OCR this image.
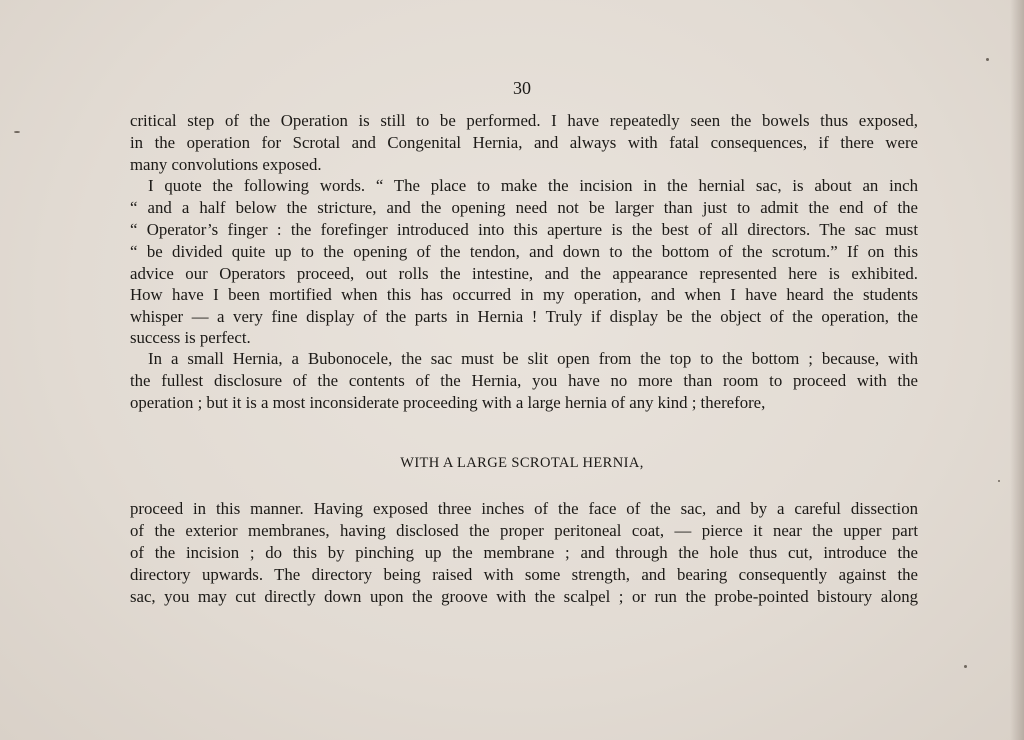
30
critical step of the Operation is still to be performed. I have repeatedly seen the bowels thus exposed,
in the operation for Scrotal and Congenital Hernia, and always with fatal consequences, if there were
many convolutions exposed.
I quote the following words. “ The place to make the incision in the hernial sac, is about an inch
“ and a half below the stricture, and the opening need not be larger than just to admit the end of the
“ Operator’s finger : the forefinger introduced into this aperture is the best of all directors. The sac must
“ be divided quite up to the opening of the tendon, and down to the bottom of the scrotum.” If on this
advice our Operators proceed, out rolls the intestine, and the appearance represented here is exhibited.
How have I been mortified when this has occurred in my operation, and when I have heard the students
whisper — a very fine display of the parts in Hernia ! Truly if display be the object of the operation, the
success is perfect.
In a small Hernia, a Bubonocele, the sac must be slit open from the top to the bottom ; because, with
the fullest disclosure of the contents of the Hernia, you have no more than room to proceed with the
operation ; but it is a most inconsiderate proceeding with a large hernia of any kind ; therefore,
WITH A LARGE SCROTAL HERNIA,
proceed in this manner. Having exposed three inches of the face of the sac, and by a careful dissection
of the exterior membranes, having disclosed the proper peritoneal coat, — pierce it near the upper part
of the incision ; do this by pinching up the membrane ; and through the hole thus cut, introduce the
directory upwards. The directory being raised with some strength, and bearing consequently against the
sac, you may cut directly down upon the groove with the scalpel ; or run the probe-pointed bistoury along
